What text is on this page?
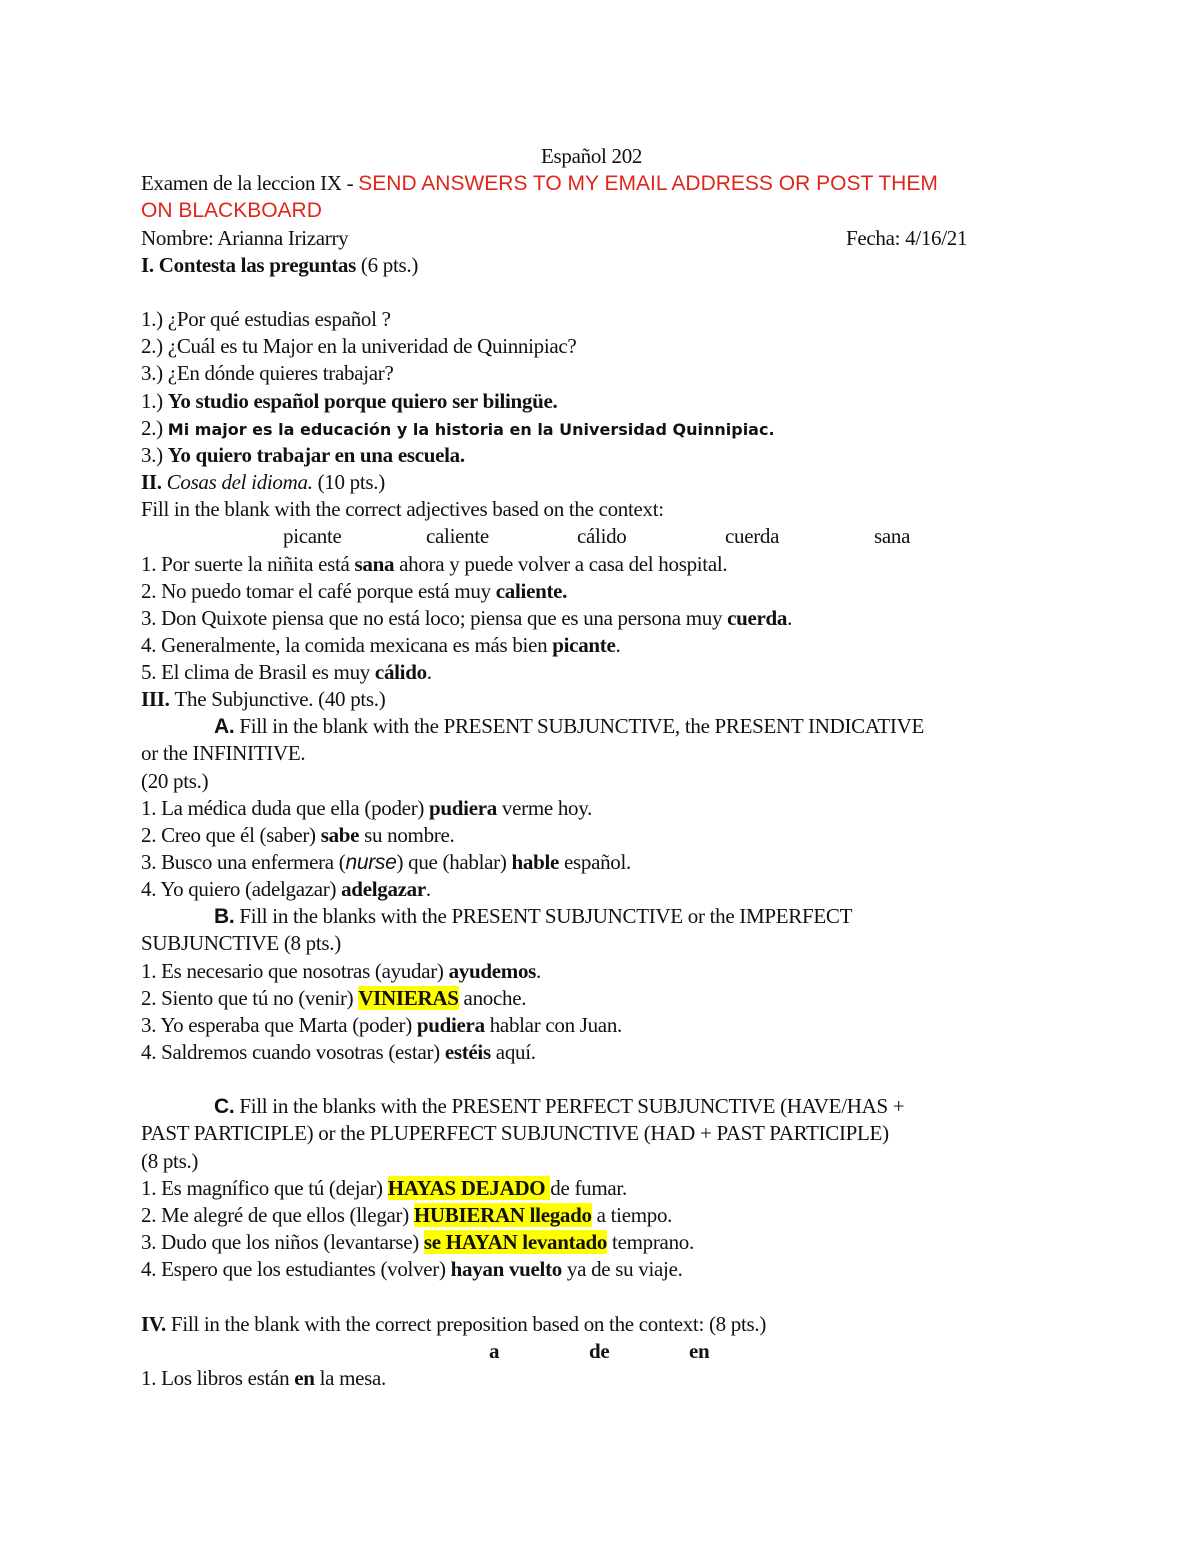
Español 202
Examen de la leccion IX - SEND ANSWERS TO MY EMAIL ADDRESS OR POST THEM
ON BLACKBOARD
Nombre: Arianna Irizarry	Fecha: 4/16/21
I. Contesta las preguntas (6 pts.)
1.) ¿Por qué estudias español ?
2.) ¿Cuál es tu Major en la univeridad de Quinnipiac?
3.) ¿En dónde quieres trabajar?
1.) Yo studio español porque quiero ser bilingüe.
2.) Mi major es la educación y la historia en la Universidad Quinnipiac.
3.) Yo quiero trabajar en una escuela.
II. Cosas del idioma. (10 pts.)
Fill in the blank with the correct adjectives based on the context:
picante	caliente	cálido	cuerda	sana
1. Por suerte la niñita está sana ahora y puede volver a casa del hospital.
2. No puedo tomar el café porque está muy caliente.
3. Don Quixote piensa que no está loco; piensa que es una persona muy cuerda.
4. Generalmente, la comida mexicana es más bien picante.
5. El clima de Brasil es muy cálido.
III. The Subjunctive. (40 pts.)
A. Fill in the blank with the PRESENT SUBJUNCTIVE, the PRESENT INDICATIVE
or the INFINITIVE.
(20 pts.)
1. La médica duda que ella (poder) pudiera verme hoy.
2. Creo que él (saber) sabe su nombre.
3. Busco una enfermera (nurse) que (hablar) hable español.
4. Yo quiero (adelgazar) adelgazar.
B. Fill in the blanks with the PRESENT SUBJUNCTIVE or the IMPERFECT
SUBJUNCTIVE (8 pts.)
1. Es necesario que nosotras (ayudar) ayudemos.
2. Siento que tú no (venir) VINIERAS anoche.
3. Yo esperaba que Marta (poder) pudiera hablar con Juan.
4. Saldremos cuando vosotras (estar) estéis aquí.
C. Fill in the blanks with the PRESENT PERFECT SUBJUNCTIVE (HAVE/HAS +
PAST PARTICIPLE) or the PLUPERFECT SUBJUNCTIVE (HAD + PAST PARTICIPLE)
(8 pts.)
1. Es magnífico que tú (dejar) HAYAS DEJADO de fumar.
2. Me alegré de que ellos (llegar) HUBIERAN llegado a tiempo.
3. Dudo que los niños (levantarse) se HAYAN levantado temprano.
4. Espero que los estudiantes (volver) hayan vuelto ya de su viaje.
IV. Fill in the blank with the correct preposition based on the context: (8 pts.)
a	de	en
1. Los libros están en la mesa.
